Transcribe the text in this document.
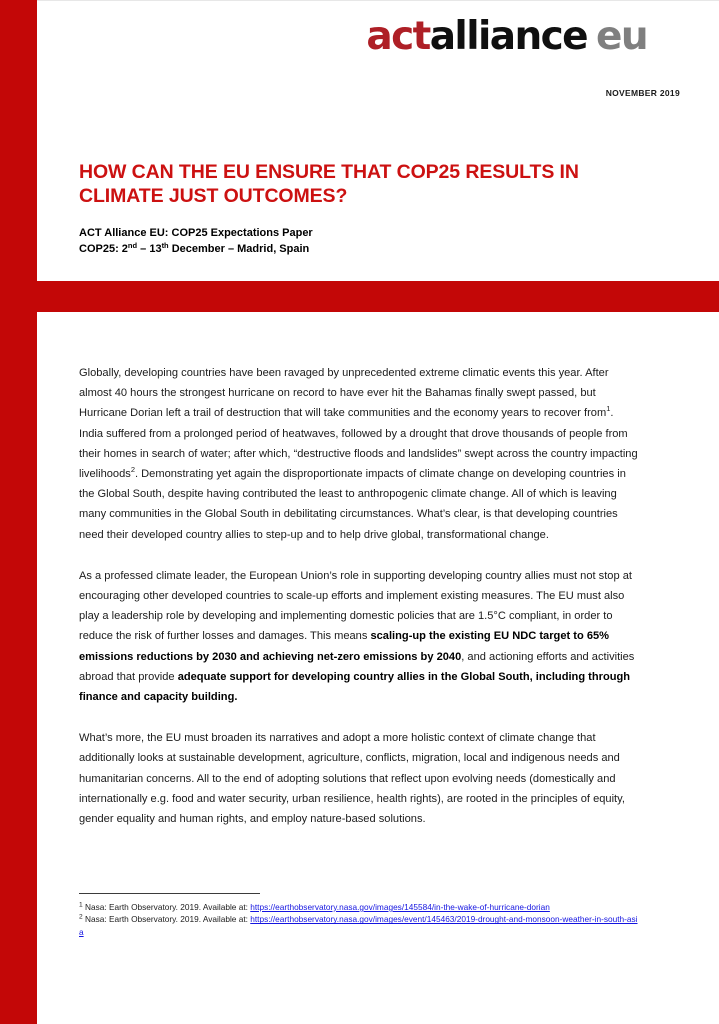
actalliance eu
NOVEMBER 2019
HOW CAN THE EU ENSURE THAT COP25 RESULTS IN CLIMATE JUST OUTCOMES?
ACT Alliance EU: COP25 Expectations Paper
COP25: 2nd – 13th December – Madrid, Spain

Globally, developing countries have been ravaged by unprecedented extreme climatic events this year. After almost 40 hours the strongest hurricane on record to have ever hit the Bahamas finally swept passed, but Hurricane Dorian left a trail of destruction that will take communities and the economy years to recover from$^1$. India suffered from a prolonged period of heatwaves, followed by a drought that drove thousands of people from their homes in search of water; after which, “destructive floods and landslides” swept across the country impacting livelihoods$^2$. Demonstrating yet again the disproportionate impacts of climate change on developing countries in the Global South, despite having contributed the least to anthropogenic climate change. All of which is leaving many communities in the Global South in debilitating circumstances. What’s clear, is that developing countries need their developed country allies to step-up and to help drive global, transformational change.

As a professed climate leader, the European Union’s role in supporting developing country allies must not stop at encouraging other developed countries to scale-up efforts and implement existing measures. The EU must also play a leadership role by developing and implementing domestic policies that are 1.5°C compliant, in order to reduce the risk of further losses and damages. This means scaling-up the existing EU NDC target to 65% emissions reductions by 2030 and achieving net-zero emissions by 2040, and actioning efforts and activities abroad that provide adequate support for developing country allies in the Global South, including through finance and capacity building.

What’s more, the EU must broaden its narratives and adopt a more holistic context of climate change that additionally looks at sustainable development, agriculture, conflicts, migration, local and indigenous needs and humanitarian concerns. All to the end of adopting solutions that reflect upon evolving needs (domestically and internationally e.g. food and water security, urban resilience, health rights), are rooted in the principles of equity, gender equality and human rights, and employ nature-based solutions.

$^1$ Nasa: Earth Observatory. 2019. Available at: https://earthobservatory.nasa.gov/images/145584/in-the-wake-of-hurricane-dorian

$^2$ Nasa: Earth Observatory. 2019. Available at: https://earthobservatory.nasa.gov/images/event/145463/2019-drought-and-monsoon-weather-in-south-asia
